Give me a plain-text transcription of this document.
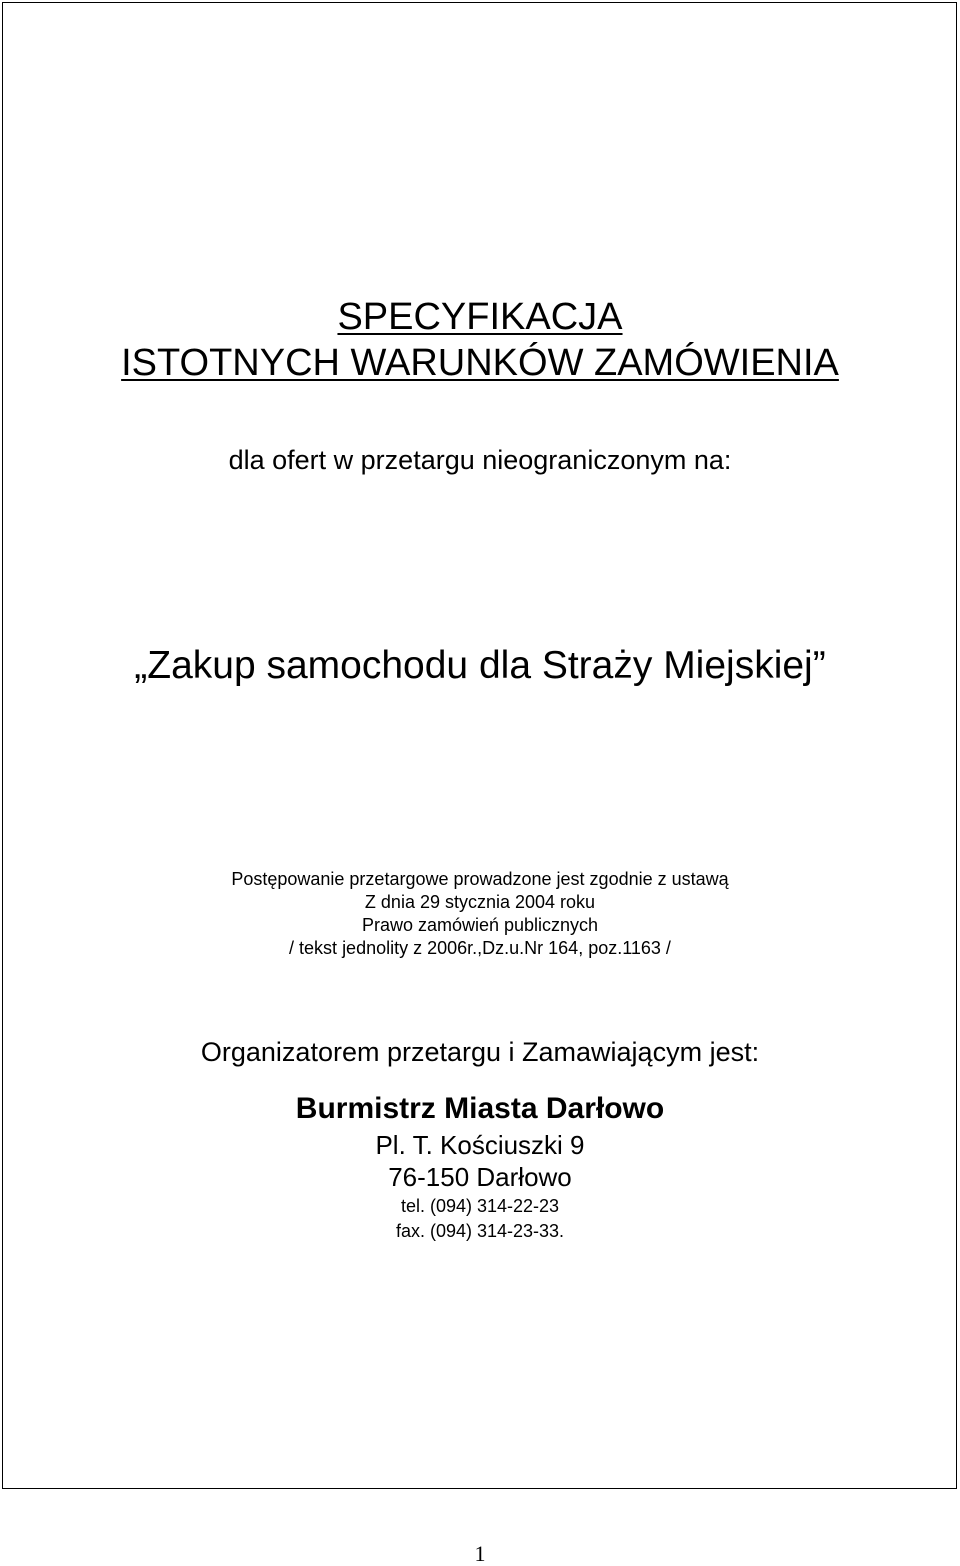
SPECYFIKACJA
ISTOTNYCH WARUNKÓW ZAMÓWIENIA
dla ofert w przetargu nieograniczonym na:
„Zakup samochodu dla Straży Miejskiej”
Postępowanie przetargowe prowadzone jest zgodnie z ustawą
Z dnia 29 stycznia 2004 roku
Prawo zamówień publicznych
/ tekst jednolity z 2006r.,Dz.u.Nr 164, poz.1163 /
Organizatorem przetargu i Zamawiającym jest:
Burmistrz Miasta Darłowo
Pl. T. Kościuszki 9
76-150 Darłowo
tel. (094) 314-22-23
fax. (094) 314-23-33.
1
